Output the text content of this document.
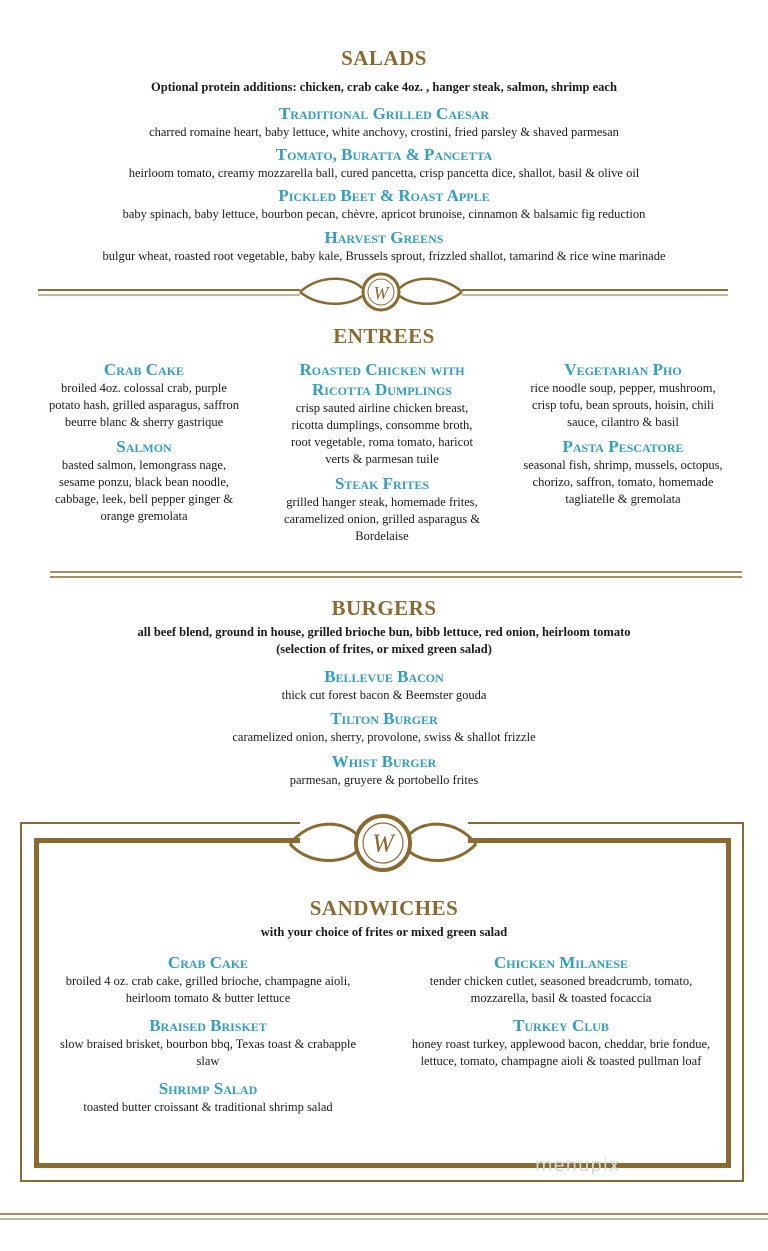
SALADS
Optional protein additions: chicken, crab cake 4oz. , hanger steak, salmon, shrimp each
Traditional Grilled Caesar
charred romaine heart, baby lettuce, white anchovy, crostini, fried parsley & shaved parmesan
Tomato, Buratta & Pancetta
heirloom tomato, creamy mozzarella ball, cured pancetta, crisp pancetta dice, shallot, basil & olive oil
Pickled Beet & Roast Apple
baby spinach, baby lettuce, bourbon pecan, chèvre, apricot brunoise, cinnamon & balsamic fig reduction
Harvest Greens
bulgur wheat, roasted root vegetable, baby kale, Brussels sprout, frizzled shallot, tamarind & rice wine marinade
W
ENTREES
Crab Cake
broiled 4oz. colossal crab, purple potato hash, grilled asparagus, saffron beurre blanc & sherry gastrique
Salmon
basted salmon, lemongrass nage, sesame ponzu, black bean noodle, cabbage, leek, bell pepper ginger & orange gremolata
Roasted Chicken with Ricotta Dumplings
crisp sauted airline chicken breast, ricotta dumplings, consomme broth, root vegetable, roma tomato, haricot verts & parmesan tuile
Steak Frites
grilled hanger steak, homemade frites, caramelized onion, grilled asparagus & Bordelaise
Vegetarian Pho
rice noodle soup, pepper, mushroom, crisp tofu, bean sprouts, hoisin, chili sauce, cilantro & basil
Pasta Pescatore
seasonal fish, shrimp, mussels, octopus, chorizo, saffron, tomato, homemade tagliatelle & gremolata
BURGERS
all beef blend, ground in house, grilled brioche bun, bibb lettuce, red onion, heirloom tomato
(selection of frites, or mixed green salad)
Bellevue Bacon
thick cut forest bacon & Beemster gouda
Tilton Burger
caramelized onion, sherry, provolone, swiss & shallot frizzle
Whist Burger
parmesan, gruyere & portobello frites
W
SANDWICHES
with your choice of frites or mixed green salad
Crab Cake
broiled 4 oz. crab cake, grilled brioche, champagne aioli, heirloom tomato & butter lettuce
Braised Brisket
slow braised brisket, bourbon bbq, Texas toast & crabapple slaw
Shrimp Salad
toasted butter croissant & traditional shrimp salad
Chicken Milanese
tender chicken cutlet, seasoned breadcrumb, tomato, mozzarella, basil & toasted focaccia
Turkey Club
honey roast turkey, applewood bacon, cheddar, brie fondue, lettuce, tomato, champagne aioli & toasted pullman loaf
menupix
